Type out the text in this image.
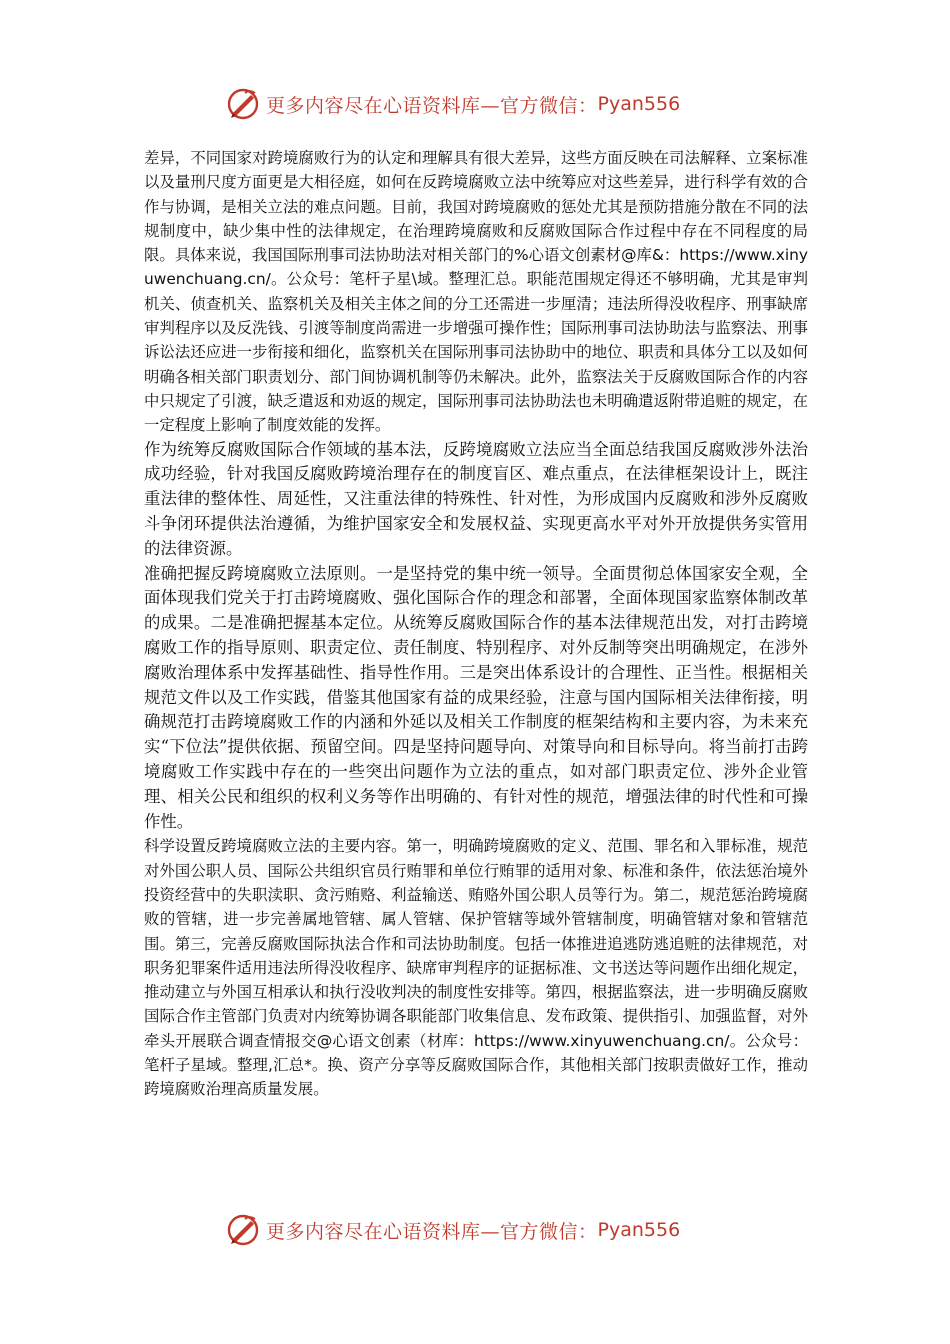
更多内容尽在心语资料库—官方微信： Pyan556

差异，不同国家对跨境腐败行为的认定和理解具有很大差异，这些方面反映在司法解释、立案标准以及量刑尺度方面更是大相径庭，如何在反跨境腐败立法中统筹应对这些差异，进行科学有效的合作与协调，是相关立法的难点问题。目前，我国对跨境腐败的惩处尤其是预防措施分散在不同的法规制度中，缺少集中性的法律规定，在治理跨境腐败和反腐败国际合作过程中存在不同程度的局限。具体来说，我国国际刑事司法协助法对相关部门的%心语文创素材@库&：https://www.xinyuwenchuang.cn/。公众号：笔杆子星\域。整理汇总。职能范围规定得还不够明确，尤其是审判机关、侦查机关、监察机关及相关主体之间的分工还需进一步厘清；违法所得没收程序、刑事缺席审判程序以及反洗钱、引渡等制度尚需进一步增强可操作性；国际刑事司法协助法与监察法、刑事诉讼法还应进一步衔接和细化，监察机关在国际刑事司法协助中的地位、职责和具体分工以及如何明确各相关部门职责划分、部门间协调机制等仍未解决。此外，监察法关于反腐败国际合作的内容中只规定了引渡，缺乏遣返和劝返的规定，国际刑事司法协助法也未明确遣返附带追赃的规定，在一定程度上影响了制度效能的发挥。

作为统筹反腐败国际合作领域的基本法，反跨境腐败立法应当全面总结我国反腐败涉外法治成功经验，针对我国反腐败跨境治理存在的制度盲区、难点重点，在法律框架设计上，既注重法律的整体性、周延性，又注重法律的特殊性、针对性，为形成国内反腐败和涉外反腐败斗争闭环提供法治遵循，为维护国家安全和发展权益、实现更高水平对外开放提供务实管用的法律资源。

准确把握反跨境腐败立法原则。一是坚持党的集中统一领导。全面贯彻总体国家安全观，全面体现我们党关于打击跨境腐败、强化国际合作的理念和部署，全面体现国家监察体制改革的成果。二是准确把握基本定位。从统筹反腐败国际合作的基本法律规范出发，对打击跨境腐败工作的指导原则、职责定位、责任制度、特别程序、对外反制等突出明确规定，在涉外腐败治理体系中发挥基础性、指导性作用。三是突出体系设计的合理性、正当性。根据相关规范文件以及工作实践，借鉴其他国家有益的成果经验，注意与国内国际相关法律衔接，明确规范打击跨境腐败工作的内涵和外延以及相关工作制度的框架结构和主要内容，为未来充实“下位法”提供依据、预留空间。四是坚持问题导向、对策导向和目标导向。将当前打击跨境腐败工作实践中存在的一些突出问题作为立法的重点，如对部门职责定位、涉外企业管理、相关公民和组织的权利义务等作出明确的、有针对性的规范，增强法律的时代性和可操作性。

科学设置反跨境腐败立法的主要内容。第一，明确跨境腐败的定义、范围、罪名和入罪标准，规范对外国公职人员、国际公共组织官员行贿罪和单位行贿罪的适用对象、标准和条件，依法惩治境外投资经营中的失职渎职、贪污贿赂、利益输送、贿赂外国公职人员等行为。第二，规范惩治跨境腐败的管辖，进一步完善属地管辖、属人管辖、保护管辖等域外管辖制度，明确管辖对象和管辖范围。第三，完善反腐败国际执法合作和司法协助制度。包括一体推进追逃防逃追赃的法律规范，对职务犯罪案件适用违法所得没收程序、缺席审判程序的证据标准、文书送达等问题作出细化规定，推动建立与外国互相承认和执行没收判决的制度性安排等。第四，根据监察法，进一步明确反腐败国际合作主管部门负责对内统筹协调各职能部门收集信息、发布政策、提供指引、加强监督，对外牵头开展联合调查情报交@心语文创素（材库：https://www.xinyuwenchuang.cn/。公众号：笔杆子星域。整理,汇总*。换、资产分享等反腐败国际合作，其他相关部门按职责做好工作，推动跨境腐败治理高质量发展。

更多内容尽在心语资料库—官方微信： Pyan556
